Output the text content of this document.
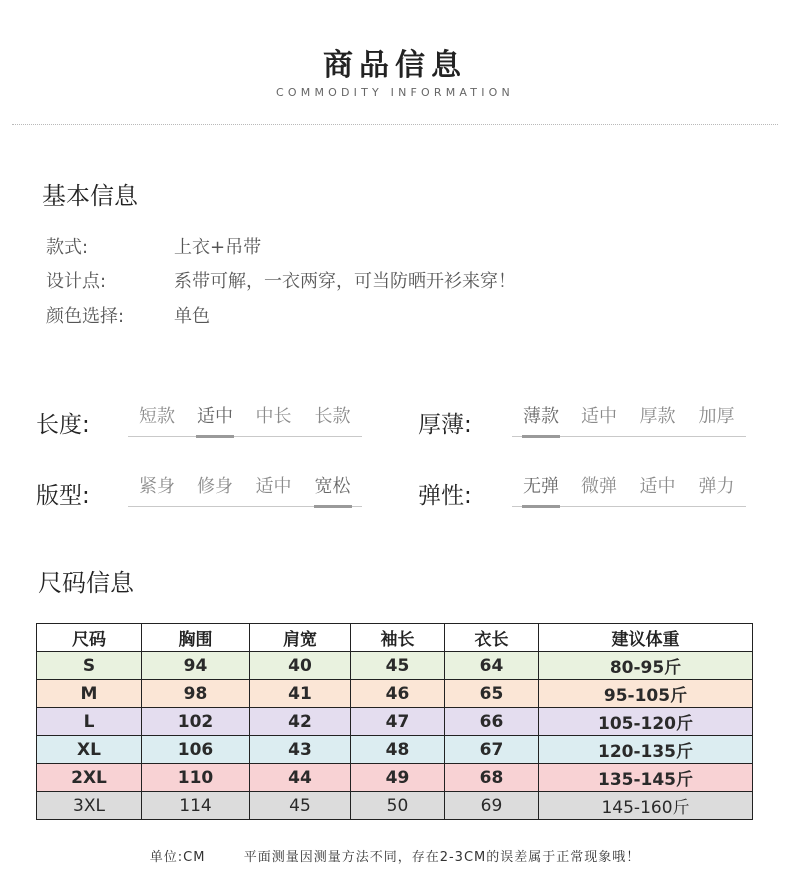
商品信息
COMMODITY INFORMATION
基本信息
款式:	上衣+吊带
设计点:	系带可解，一衣两穿，可当防晒开衫来穿！
颜色选择:	单色
长度:	短款	适中	中长	长款	厚薄:	薄款	适中	厚款	加厚
版型:	紧身	修身	适中	宽松	弹性:	无弹	微弹	适中	弹力
尺码信息
尺码	胸围	肩宽	袖长	衣长	建议体重
S	94	40	45	64	80-95斤
M	98	41	46	65	95-105斤
L	102	42	47	66	105-120斤
XL	106	43	48	67	120-135斤
2XL	110	44	49	68	135-145斤
3XL	114	45	50	69	145-160斤
单位:CM	平面测量因测量方法不同，存在2-3CM的误差属于正常现象哦！
